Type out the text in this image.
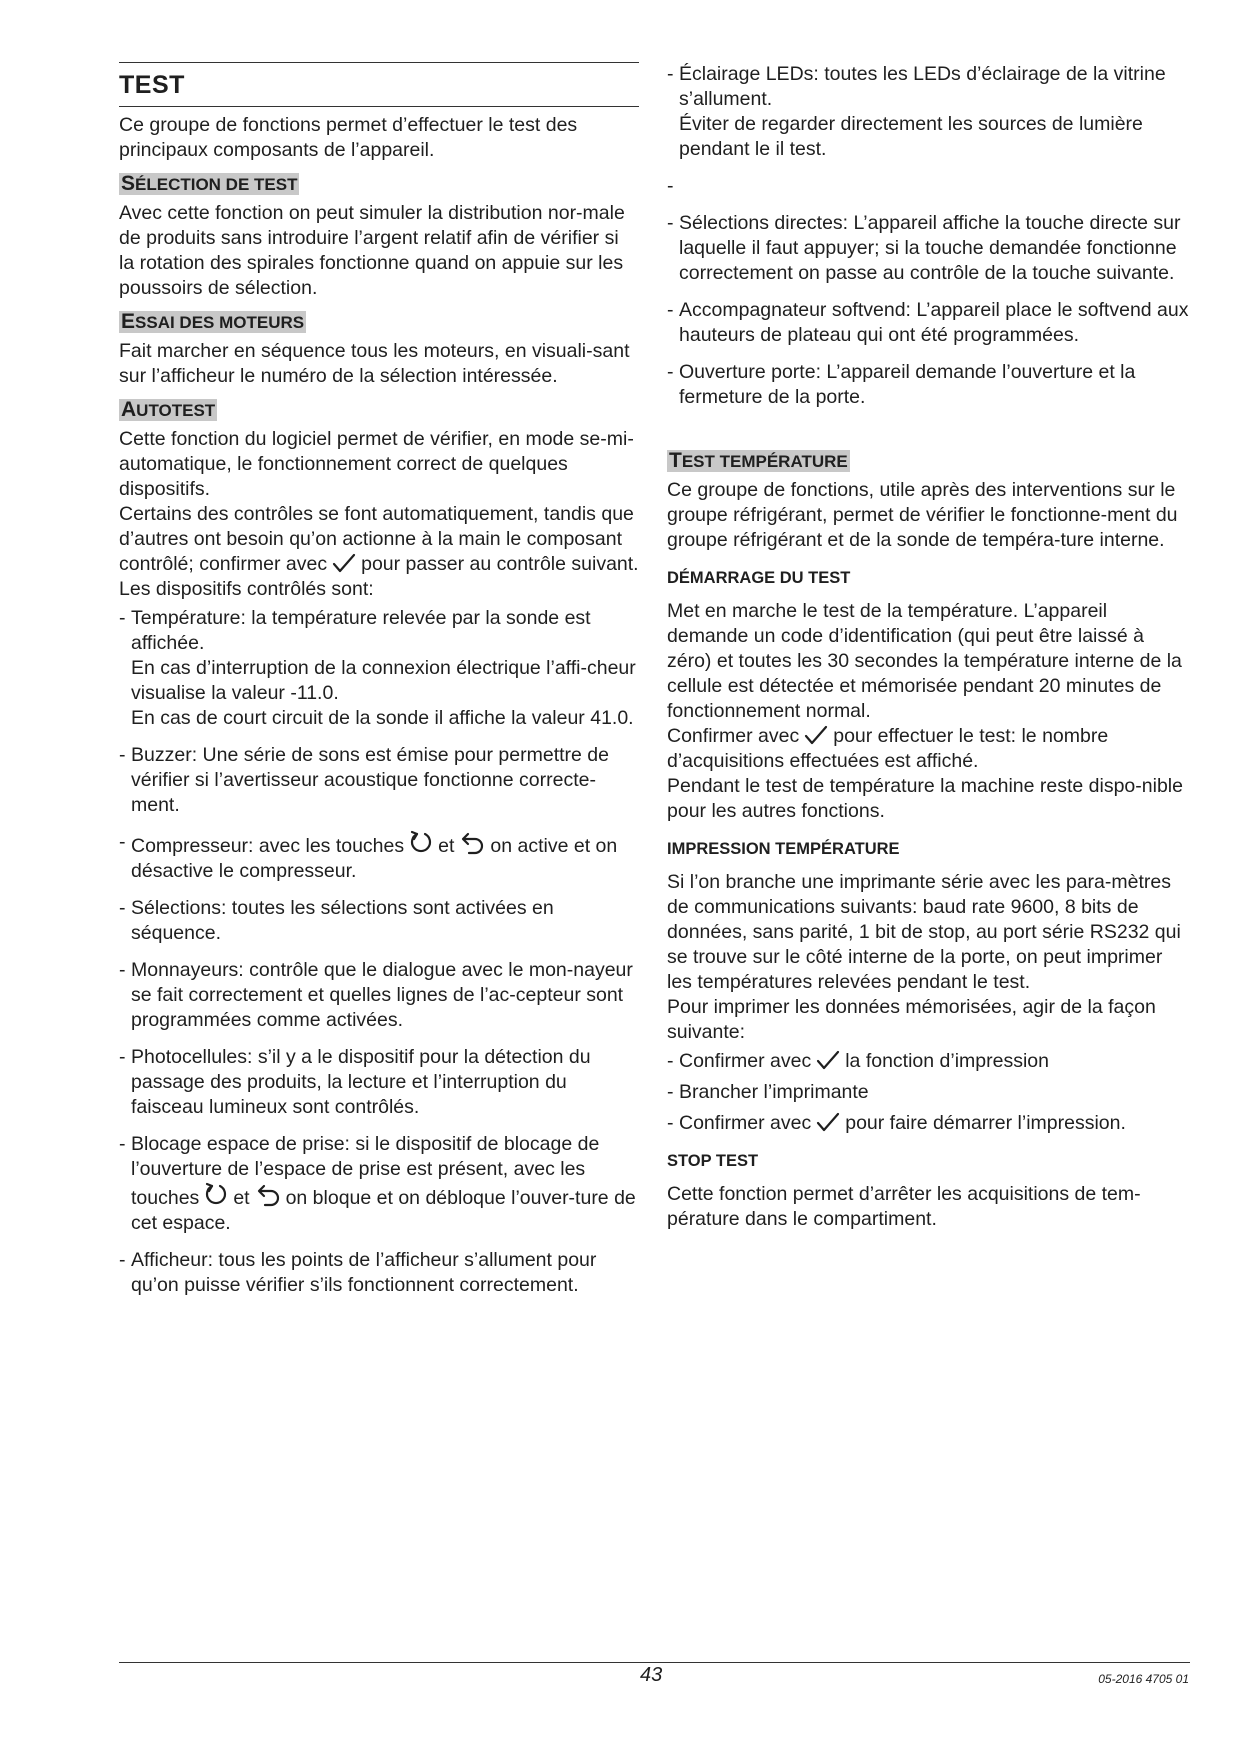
TEST

Ce groupe de fonctions permet d’effectuer le test des principaux composants de l’appareil.

SÉLECTION DE TEST

Avec cette fonction on peut simuler la distribution nor-male de produits sans introduire l’argent relatif afin de vérifier si la rotation des spirales fonctionne quand on appuie sur les poussoirs de sélection.

ESSAI DES MOTEURS

Fait marcher en séquence tous les moteurs, en visuali-sant sur l’afficheur le numéro de la sélection intéressée.

AUTOTEST

Cette fonction du logiciel permet de vérifier, en mode se-mi-automatique, le fonctionnement correct de quelques dispositifs.

Certains des contrôles se font automatiquement, tandis que d’autres ont besoin qu’on actionne à la main le composant contrôlé; confirmer avec pour passer au contrôle suivant.

Les dispositifs contrôlés sont:

- Température: la température relevée par la sonde est affichée.
En cas d’interruption de la connexion électrique l’affi-cheur visualise la valeur -11.0.
En cas de court circuit de la sonde il affiche la valeur 41.0.
- Buzzer: Une série de sons est émise pour permettre de vérifier si l’avertisseur acoustique fonctionne correcte-ment.
- Compresseur: avec les touches et on active et on désactive le compresseur.
- Sélections: toutes les sélections sont activées en séquence.
- Monnayeurs: contrôle que le dialogue avec le mon-nayeur se fait correctement et quelles lignes de l’ac-cepteur sont programmées comme activées.
- Photocellules: s’il y a le dispositif pour la détection du passage des produits, la lecture et l’interruption du faisceau lumineux sont contrôlés.
- Blocage espace de prise: si le dispositif de blocage de l’ouverture de l’espace de prise est présent, avec les touches et on bloque et on débloque l’ouver-ture de cet espace.
- Afficheur: tous les points de l’afficheur s’allument pour qu’on puisse vérifier s’ils fonctionnent correctement.
- Éclairage LEDs: toutes les LEDs d’éclairage de la vitrine s’allument.
Éviter de regarder directement les sources de lumière pendant le il test.
-
- Sélections directes: L’appareil affiche la touche directe sur laquelle il faut appuyer; si la touche demandée fonctionne correctement on passe au contrôle de la touche suivante.
- Accompagnateur softvend: L’appareil place le softvend aux hauteurs de plateau qui ont été programmées.
- Ouverture porte: L’appareil demande l’ouverture et la fermeture de la porte.
TEST TEMPÉRATURE

Ce groupe de fonctions, utile après des interventions sur le groupe réfrigérant, permet de vérifier le fonctionne-ment du groupe réfrigérant et de la sonde de tempéra-ture interne.

DÉMARRAGE DU TEST

Met en marche le test de la température. L’appareil demande un code d’identification (qui peut être laissé à zéro) et toutes les 30 secondes la température interne de la cellule est détectée et mémorisée pendant 20 minutes de fonctionnement normal.

Confirmer avec pour effectuer le test: le nombre d’acquisitions effectuées est affiché.

Pendant le test de température la machine reste dispo-nible pour les autres fonctions.

IMPRESSION TEMPÉRATURE

Si l’on branche une imprimante série avec les para-mètres de communications suivants: baud rate 9600, 8 bits de données, sans parité, 1 bit de stop, au port série RS232 qui se trouve sur le côté interne de la porte, on peut imprimer les températures relevées pendant le test.

Pour imprimer les données mémorisées, agir de la façon suivante:

- Confirmer avec la fonction d’impression
- Brancher l’imprimante
- Confirmer avec pour faire démarrer l’impression.
STOP TEST

Cette fonction permet d’arrêter les acquisitions de tem-pérature dans le compartiment.

43	05-2016 4705 01
